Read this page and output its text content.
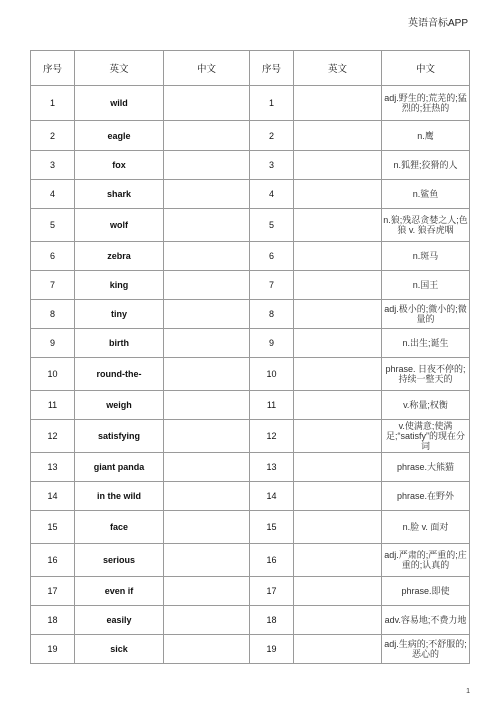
英语音标APP
序号	英文	中文	序号	英文	中文
1	wild		1		adj.野生的;荒芜的;猛烈的;狂热的
2	eagle		2		n.鹰
3	fox		3		n.狐狸;狡猾的人
4	shark		4		n.鲨鱼
5	wolf		5		n.狼;残忍贪婪之人;色狼 v. 狼吞虎咽
6	zebra		6		n.斑马
7	king		7		n.国王
8	tiny		8		adj.极小的;微小的;微量的
9	birth		9		n.出生;诞生
10	round-the-		10		phrase. 日夜不停的;持续一整天的
11	weigh		11		v.称量;权衡
12	satisfying		12		v.使满意;使满足;“satisfy”的现在分词
13	giant panda		13		phrase.大熊猫
14	in the wild		14		phrase.在野外
15	face		15		n.脸 v. 面对
16	serious		16		adj.严肃的;严重的;庄重的;认真的
17	even if		17		phrase.即使
18	easily		18		adv.容易地;不费力地
19	sick		19		adj.生病的;不舒服的;恶心的
1
